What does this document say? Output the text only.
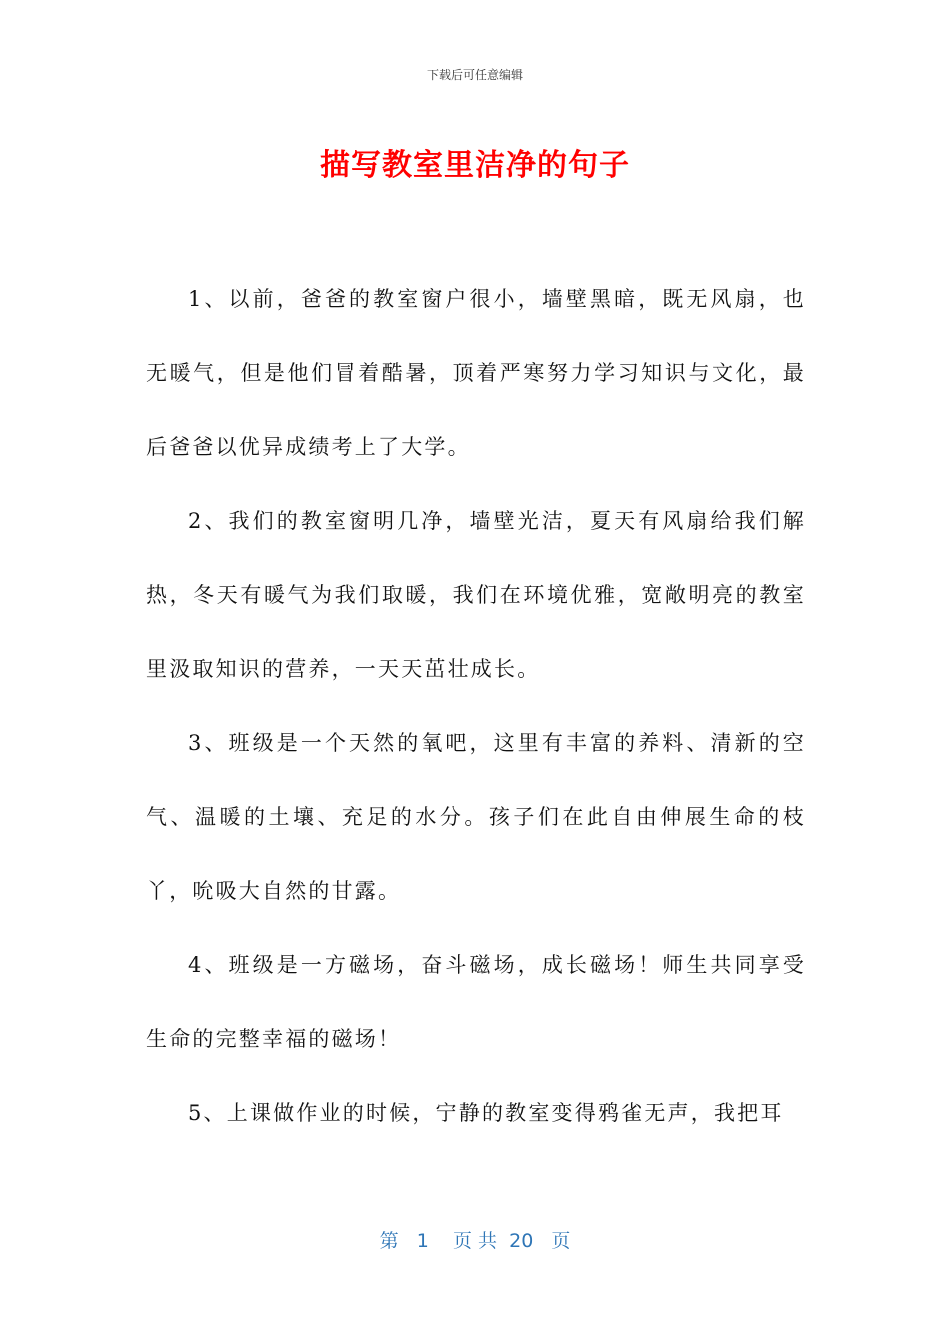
下载后可任意编辑
描写教室里洁净的句子

1、以前，爸爸的教室窗户很小，墙壁黑暗，既无风扇，也无暖气，但是他们冒着酷暑，顶着严寒努力学习知识与文化，最后爸爸以优异成绩考上了大学。

2、我们的教室窗明几净，墙壁光洁，夏天有风扇给我们解热，冬天有暖气为我们取暖，我们在环境优雅，宽敞明亮的教室里汲取知识的营养，一天天茁壮成长。

3、班级是一个天然的氧吧，这里有丰富的养料、清新的空气、温暖的土壤、充足的水分。孩子们在此自由伸展生命的枝丫，吮吸大自然的甘露。

4、班级是一方磁场，奋斗磁场，成长磁场！师生共同享受生命的完整幸福的磁场！

5、上课做作业的时候，宁静的教室变得鸦雀无声，我把耳

第 1 页 共 20 页
